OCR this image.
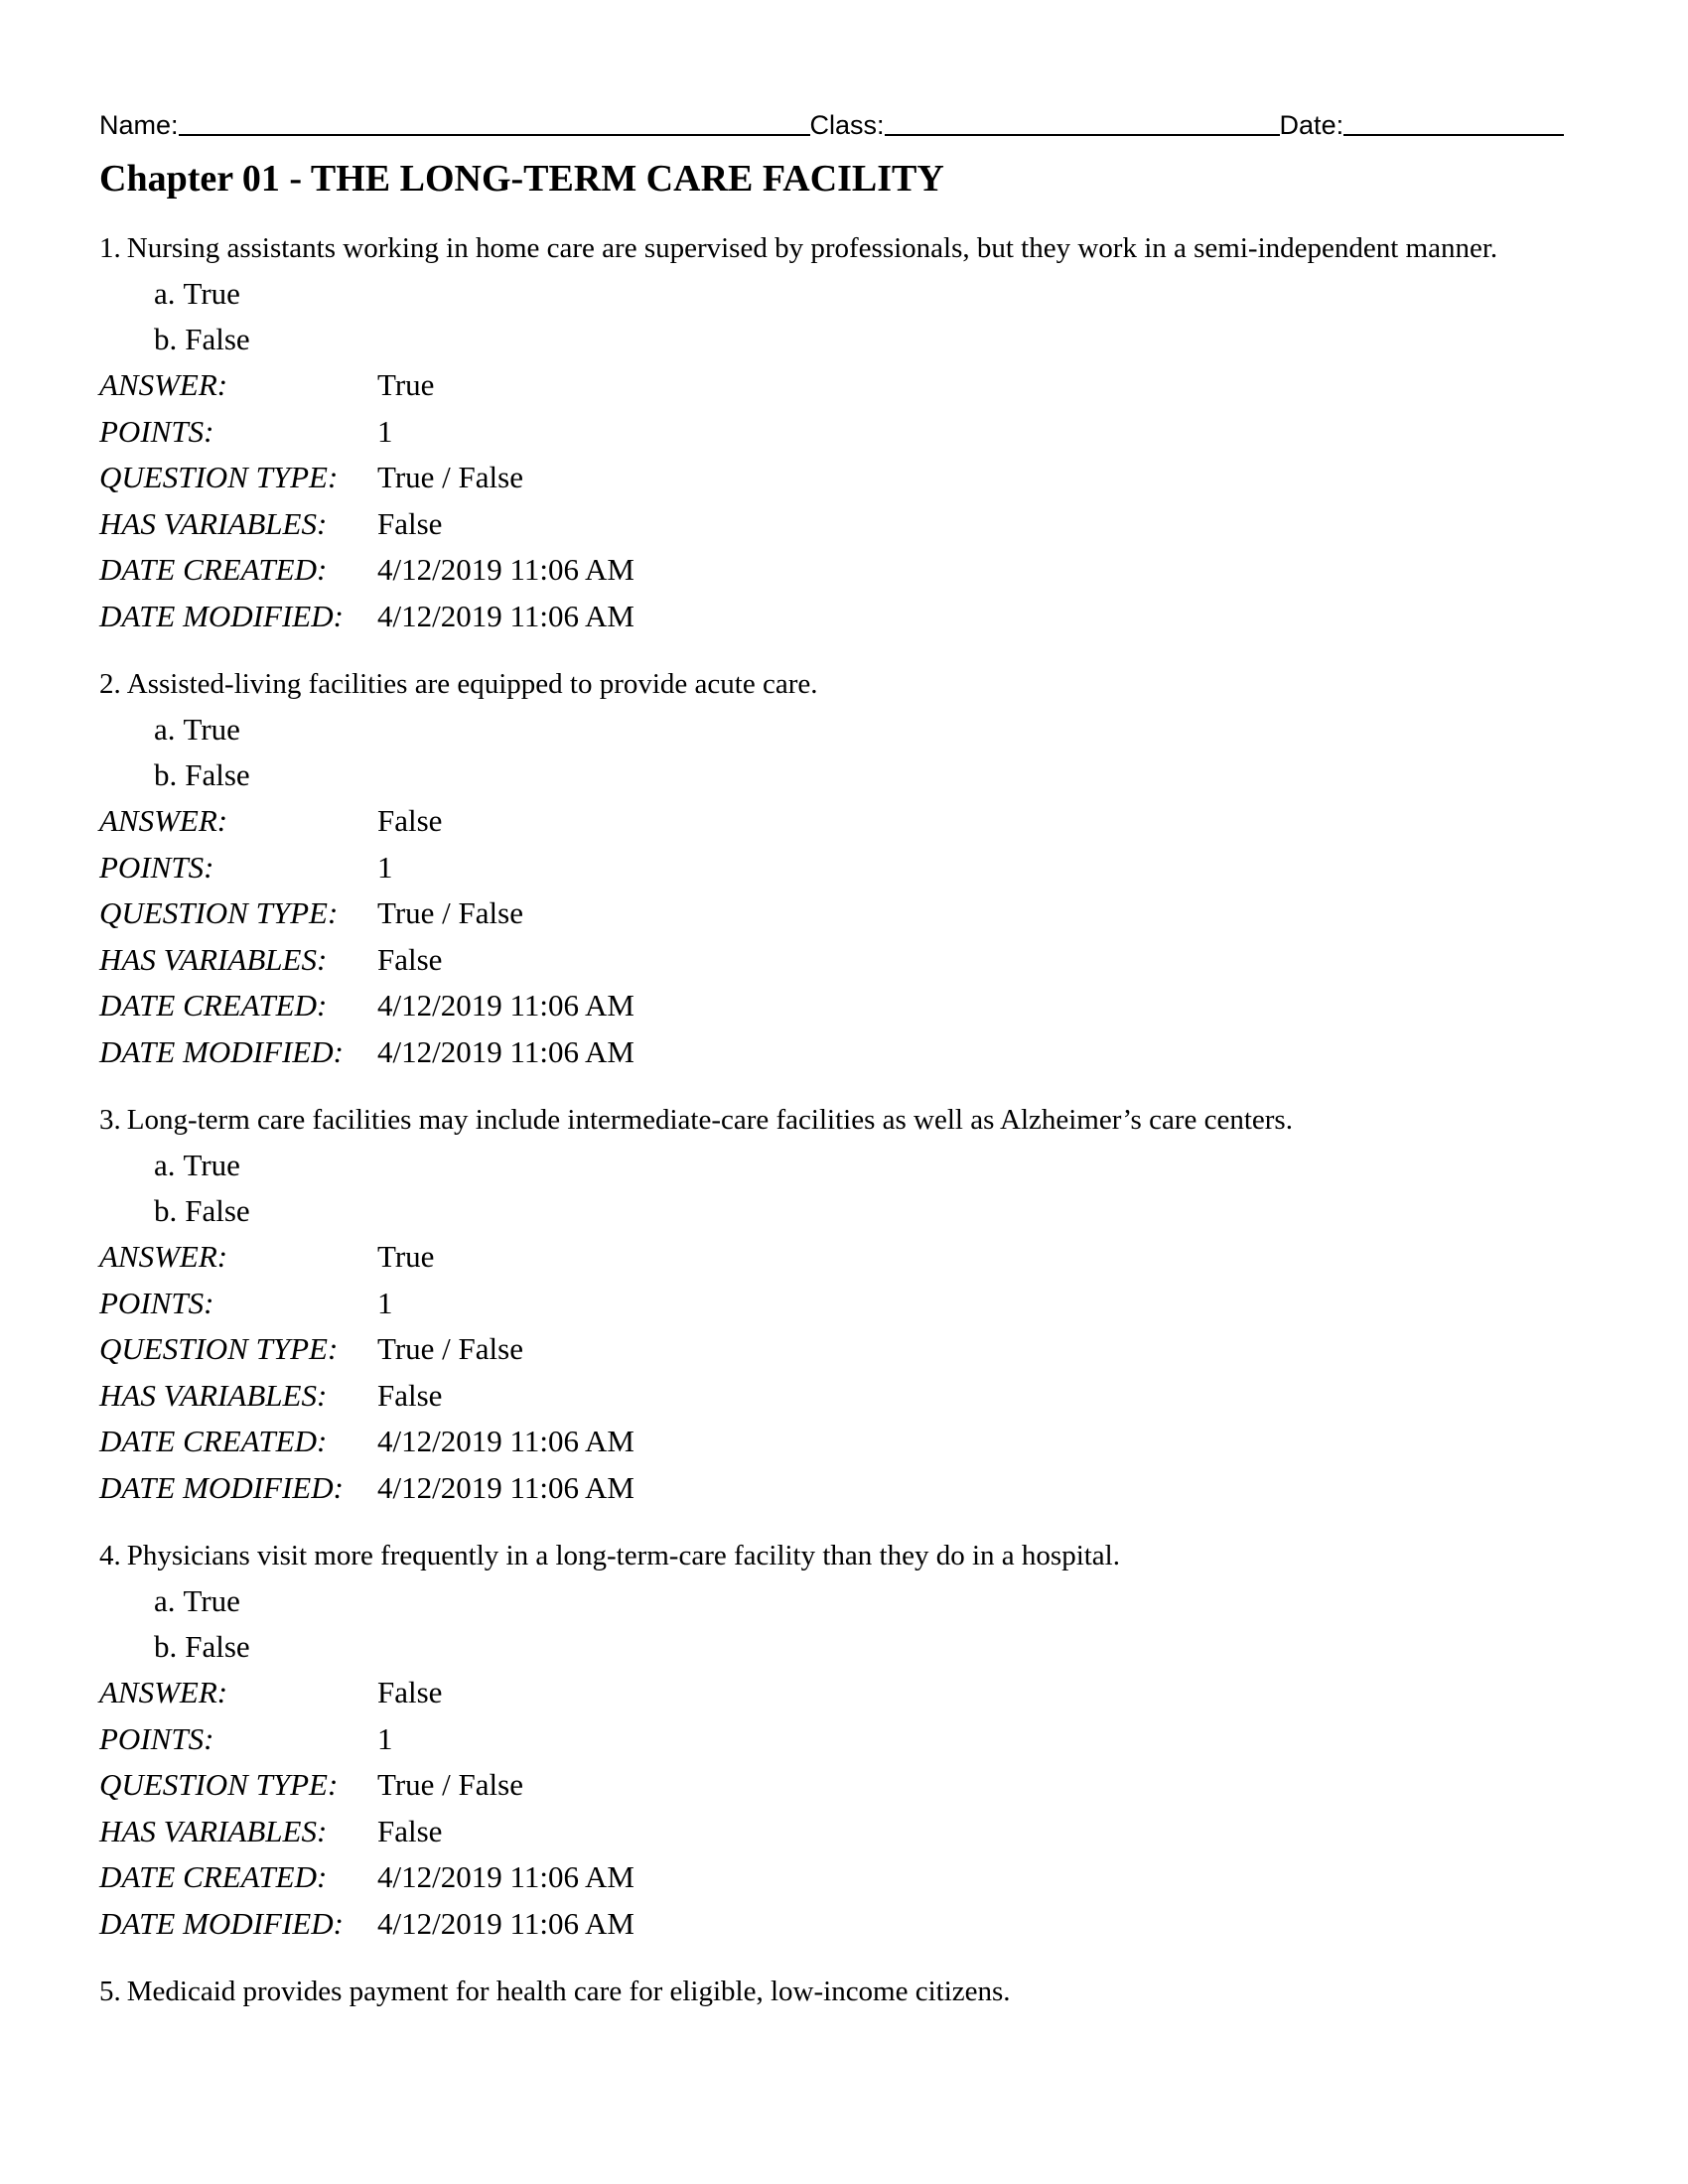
Name:	Class:	Date:
Chapter 01 - THE LONG-TERM CARE FACILITY
1. Nursing assistants working in home care are supervised by professionals, but they work in a semi-independent manner.
a. True
b. False
ANSWER:	True
POINTS:	1
QUESTION TYPE:	True / False
HAS VARIABLES:	False
DATE CREATED:	4/12/2019 11:06 AM
DATE MODIFIED:	4/12/2019 11:06 AM
2. Assisted-living facilities are equipped to provide acute care.
a. True
b. False
ANSWER:	False
POINTS:	1
QUESTION TYPE:	True / False
HAS VARIABLES:	False
DATE CREATED:	4/12/2019 11:06 AM
DATE MODIFIED:	4/12/2019 11:06 AM
3. Long-term care facilities may include intermediate-care facilities as well as Alzheimer’s care centers.
a. True
b. False
ANSWER:	True
POINTS:	1
QUESTION TYPE:	True / False
HAS VARIABLES:	False
DATE CREATED:	4/12/2019 11:06 AM
DATE MODIFIED:	4/12/2019 11:06 AM
4. Physicians visit more frequently in a long-term-care facility than they do in a hospital.
a. True
b. False
ANSWER:	False
POINTS:	1
QUESTION TYPE:	True / False
HAS VARIABLES:	False
DATE CREATED:	4/12/2019 11:06 AM
DATE MODIFIED:	4/12/2019 11:06 AM
5. Medicaid provides payment for health care for eligible, low-income citizens.
